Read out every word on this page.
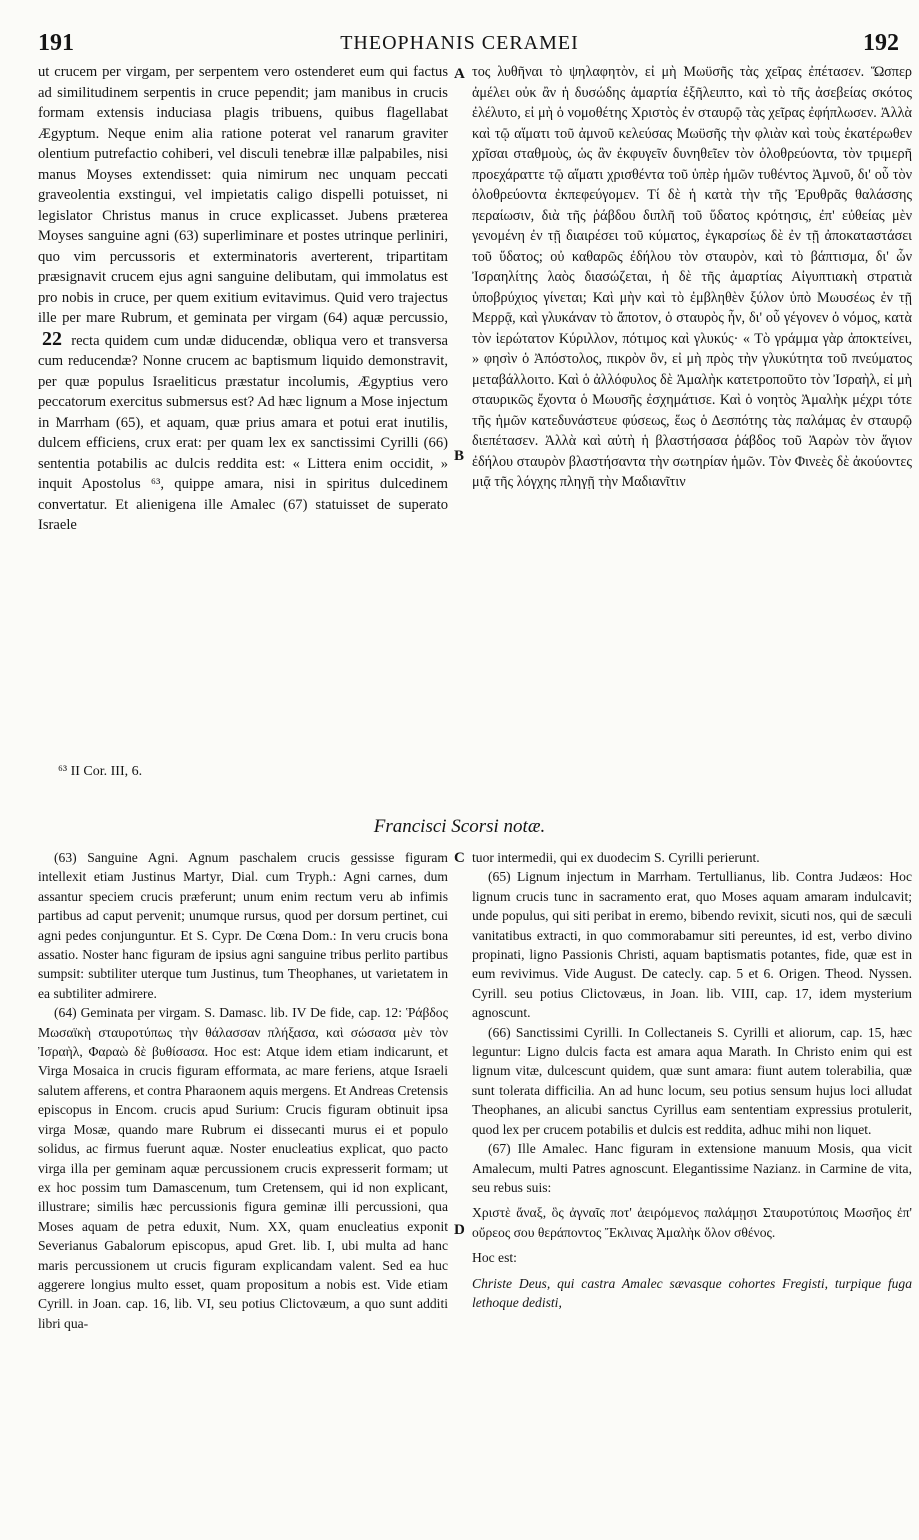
191	THEOPHANIS CERAMEI	192
A
B
C
D

ut crucem per virgam, per serpentem vero ostenderet eum qui factus ad similitudinem serpentis in cruce pependit; jam manibus in crucis formam extensis induciasa plagis tribuens, quibus flagellabat Ægyptum. Neque enim alia ratione poterat vel ranarum graviter olentium putrefactio cohiberi, vel disculi tenebræ illæ palpabiles, nisi manus Moyses extendisset: quia nimirum nec unquam peccati graveolentia exstingui, vel impietatis caligo dispelli potuisset, ni legislator Christus manus in cruce explicasset. Jubens præterea Moyses sanguine agni (63) superliminare et postes utrinque perliniri, quo vim percussoris et exterminatoris averterent, tripartitam præsignavit crucem ejus agni sanguine delibutam, qui immolatus est pro nobis in cruce, per quem exitium evitavimus. Quid vero trajectus ille per mare Rubrum, et geminata per virgam (64) aquæ percussio, 22 recta quidem cum undæ diducendæ, obliqua vero et transversa cum reducendæ? Nonne crucem ac baptismum liquido demonstravit, per quæ populus Israeliticus præstatur incolumis, Ægyptius vero peccatorum exercitus submersus est? Ad hæc lignum a Mose injectum in Marrham (65), et aquam, quæ prius amara et potui erat inutilis, dulcem efficiens, crux erat: per quam lex ex sanctissimi Cyrilli (66) sententia potabilis ac dulcis reddita est: « Littera enim occidit, » inquit Apostolus ⁶³, quippe amara, nisi in spiritus dulcedinem convertatur. Et alienigena ille Amalec (67) statuisset de superato Israele

τος λυθῆναι τὸ ψηλαφητὸν, εἰ μὴ Μωϋσῆς τὰς χεῖρας ἐπέτασεν. Ὥσπερ ἀμέλει οὐκ ἂν ἡ δυσώδης ἁμαρτία ἐξῆλειπτο, καὶ τὸ τῆς ἀσεβείας σκότος ἐλέλυτο, εἰ μὴ ὁ νομοθέτης Χριστὸς ἐν σταυρῷ τὰς χεῖρας ἐφήπλωσεν. Ἀλλὰ καὶ τῷ αἵματι τοῦ ἀμνοῦ κελεύσας Μωϋσῆς τὴν φλιὰν καὶ τοὺς ἑκατέρωθεν χρῖσαι σταθμοὺς, ὡς ἂν ἐκφυγεῖν δυνηθεῖεν τὸν ὀλοθρεύοντα, τὸν τριμερῆ προεχάραττε τῷ αἵματι χρισθέντα τοῦ ὑπὲρ ἡμῶν τυθέντος Ἀμνοῦ, δι' οὗ τὸν ὀλοθρεύοντα ἐκπεφεύγομεν. Τί δὲ ἡ κατὰ τὴν τῆς Ἐρυθρᾶς θαλάσσης περαίωσιν, διὰ τῆς ῥάβδου διπλῆ τοῦ ὕδατος κρότησις, ἐπ' εὐθείας μὲν γενομένη ἐν τῇ διαιρέσει τοῦ κύματος, ἐγκαρσίως δὲ ἐν τῇ ἀποκαταστάσει τοῦ ὕδατος; οὐ καθαρῶς ἐδήλου τὸν σταυρὸν, καὶ τὸ βάπτισμα, δι' ὧν Ἰσραηλίτης λαὸς διασώζεται, ἡ δὲ τῆς ἁμαρτίας Αἰγυπτιακὴ στρατιὰ ὑποβρύχιος γίνεται; Καὶ μὴν καὶ τὸ ἐμβληθὲν ξύλον ὑπὸ Μωυσέως ἐν τῇ Μερρᾷ, καὶ γλυκάναν τὸ ἄποτον, ὁ σταυρὸς ἦν, δι' οὗ γέγονεν ὁ νόμος, κατὰ τὸν ἱερώτατον Κύριλλον, πότιμος καὶ γλυκύς· « Τὸ γράμμα γὰρ ἀποκτείνει, » φησὶν ὁ Ἀπόστολος, πικρὸν ὂν, εἰ μὴ πρὸς τὴν γλυκύτητα τοῦ πνεύματος μεταβάλλοιτο. Καὶ ὁ ἀλλόφυλος δὲ Ἀμαλὴκ κατετροποῦτο τὸν Ἰσραὴλ, εἰ μὴ σταυρικῶς ἔχοντα ὁ Μωυσῆς ἐσχημάτισε. Καὶ ὁ νοητὸς Ἀμαλὴκ μέχρι τότε τῆς ἡμῶν κατεδυνάστευε φύσεως, ἕως ὁ Δεσπότης τὰς παλάμας ἐν σταυρῷ διεπέτασεν. Ἀλλὰ καὶ αὐτὴ ἡ βλαστήσασα ῥάβδος τοῦ Ἀαρὼν τὸν ἅγιον ἐδήλου σταυρὸν βλαστήσαντα τὴν σωτηρίαν ἡμῶν. Τὸν Φινεὲς δὲ ἀκούοντες μιᾷ τῆς λόγχης πληγῇ τὴν Μαδιανῖτιν

⁶³ II Cor. III, 6.
Francisci Scorsi notæ.

(63) Sanguine Agni. Agnum paschalem crucis gessisse figuram intellexit etiam Justinus Martyr, Dial. cum Tryph.: Agni carnes, dum assantur speciem crucis præferunt; unum enim rectum veru ab infimis partibus ad caput pervenit; unumque rursus, quod per dorsum pertinet, cui agni pedes conjunguntur. Et S. Cypr. De Cœna Dom.: In veru crucis bona assatio. Noster hanc figuram de ipsius agni sanguine tribus perlito partibus sumpsit: subtiliter uterque tum Justinus, tum Theophanes, ut varietatem in ea subtiliter admirere.

(64) Geminata per virgam. S. Damasc. lib. IV De fide, cap. 12: Ῥάβδος Μωσαϊκὴ σταυροτύπως τὴν θάλασσαν πλήξασα, καὶ σώσασα μὲν τὸν Ἰσραὴλ, Φαραὼ δὲ βυθίσασα. Hoc est: Atque idem etiam indicarunt, et Virga Mosaica in crucis figuram efformata, ac mare feriens, atque Israeli salutem afferens, et contra Pharaonem aquis mergens. Et Andreas Cretensis episcopus in Encom. crucis apud Surium: Crucis figuram obtinuit ipsa virga Mosæ, quando mare Rubrum ei dissecanti murus ei et populo solidus, ac firmus fuerunt aquæ. Noster enucleatius explicat, quo pacto virga illa per geminam aquæ percussionem crucis expresserit formam; ut ex hoc possim tum Damascenum, tum Cretensem, qui id non explicant, illustrare; similis hæc percussionis figura geminæ illi percussioni, qua Moses aquam de petra eduxit, Num. XX, quam enucleatius exponit Severianus Gabalorum episcopus, apud Gret. lib. I, ubi multa ad hanc maris percussionem ut crucis figuram explicandam valent. Sed ea huc aggerere longius multo esset, quam propositum a nobis est. Vide etiam Cyrill. in Joan. cap. 16, lib. VI, seu potius Clictovæum, a quo sunt additi libri qua-

tuor intermedii, qui ex duodecim S. Cyrilli perierunt.

(65) Lignum injectum in Marrham. Tertullianus, lib. Contra Judæos: Hoc lignum crucis tunc in sacramento erat, quo Moses aquam amaram indulcavit; unde populus, qui siti peribat in eremo, bibendo revixit, sicuti nos, qui de sæculi vanitatibus extracti, in quo commorabamur siti pereuntes, id est, verbo divino propinati, ligno Passionis Christi, aquam baptismatis potantes, fide, quæ est in eum revivimus. Vide August. De catecly. cap. 5 et 6. Origen. Theod. Nyssen. Cyrill. seu potius Clictovæus, in Joan. lib. VIII, cap. 17, idem mysterium agnoscunt.

(66) Sanctissimi Cyrilli. In Collectaneis S. Cyrilli et aliorum, cap. 15, hæc leguntur: Ligno dulcis facta est amara aqua Marath. In Christo enim qui est lignum vitæ, dulcescunt quidem, quæ sunt amara: fiunt autem tolerabilia, quæ sunt tolerata difficilia. An ad hunc locum, seu potius sensum hujus loci alludat Theophanes, an alicubi sanctus Cyrillus eam sententiam expressius protulerit, quod lex per crucem potabilis et dulcis est reddita, adhuc mihi non liquet.

(67) Ille Amalec. Hanc figuram in extensione manuum Mosis, qua vicit Amalecum, multi Patres agnoscunt. Elegantissime Nazianz. in Carmine de vita, seu rebus suis:

Χριστὲ ἄναξ, ὃς ἀγναῖς ποτ' ἀειρόμενος παλάμῃσι Σταυροτύποις Μωσῆος ἐπ' οὔρεος σου θεράποντος Ἔκλινας Ἀμαλὴκ ὅλον σθένος.

Hoc est:

Christe Deus, qui castra Amalec sævasque cohortes Fregisti, turpique fuga lethoque dedisti,
